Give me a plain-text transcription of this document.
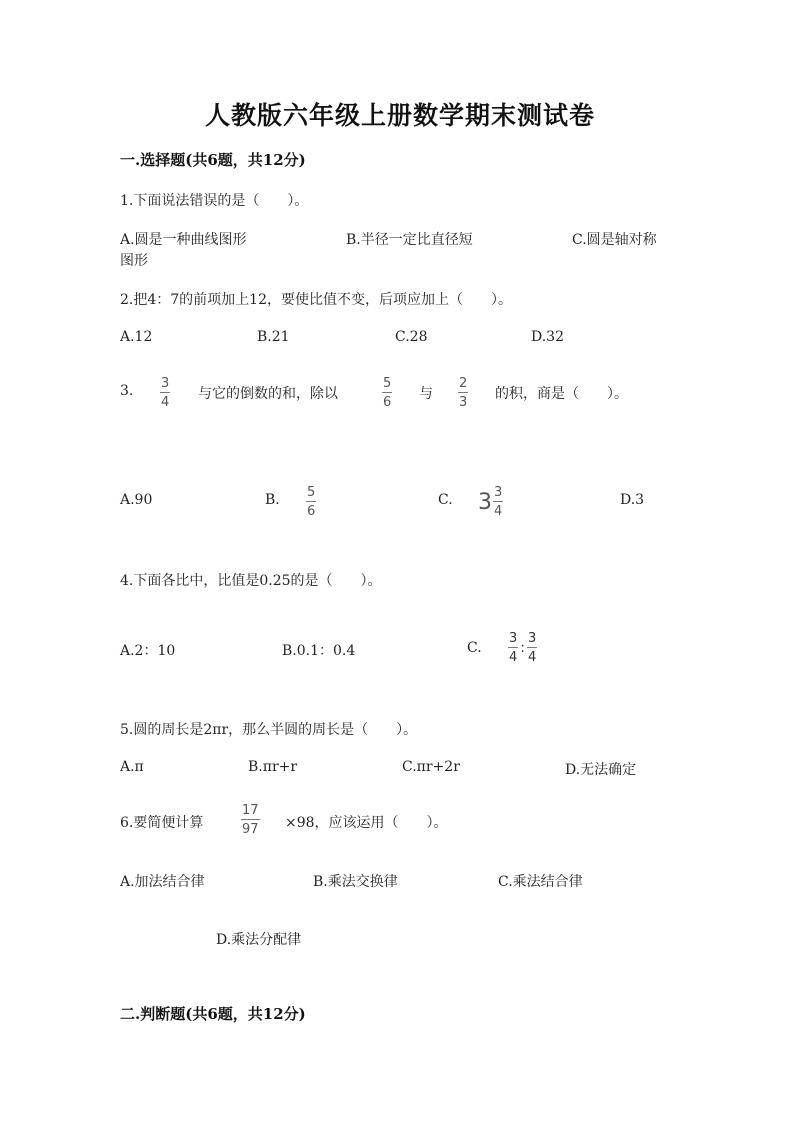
人教版六年级上册数学期末测试卷
一.选择题(共6题，共12分)
1.下面说法错误的是（　　）。
A.圆是一种曲线图形	B.半径一定比直径短	C.圆是轴对称
图形
2.把4：7的前项加上12，要使比值不变，后项应加上（　　）。
A.12	B.21	C.28	D.32
3. 3
4
与它的倒数的和，除以
5
6
与
2
3
的积，商是（　　）。
A.90	B. 5
6
C. $3 \frac{3}{4}$	D.3
4.下面各比中，比值是0.25的是（　　）。
A.2：10	B.0.1：0.4	C. $\frac{3}{4}$ : $\frac{3}{4}$
5.圆的周长是2πr，那么半圆的周长是（　　）。
A.π	B.πr+r	C.πr+2r	D.无法确定
6.要简便计算
17
97 ×98，应该运用（　　）。
A.加法结合律	B.乘法交换律	C.乘法结合律
D.乘法分配律
二.判断题(共6题，共12分)
